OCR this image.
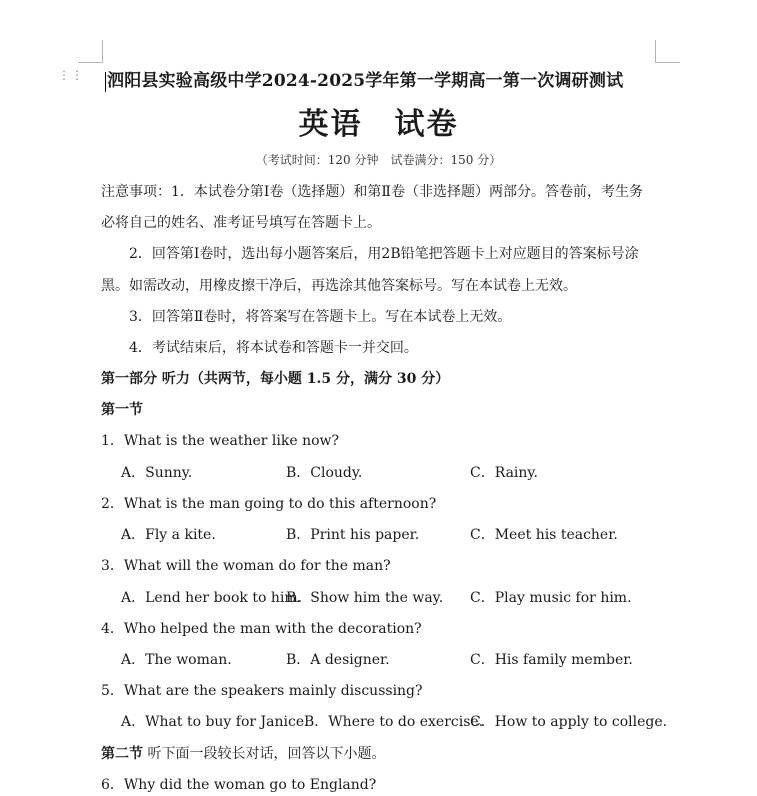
⋮⋮ 泗阳县实验高级中学2024-2025学年第一学期高一第一次调研测试
英语　试卷
（考试时间：120 分钟　试卷满分：150 分）
注意事项：1．本试卷分第Ⅰ卷（选择题）和第Ⅱ卷（非选择题）两部分。答卷前，考生务
必将自己的姓名、准考证号填写在答题卡上。
2．回答第Ⅰ卷时，选出每小题答案后，用2B铅笔把答题卡上对应题目的答案标号涂
黑。如需改动，用橡皮擦干净后，再选涂其他答案标号。写在本试卷上无效。
3．回答第Ⅱ卷时，将答案写在答题卡上。写在本试卷上无效。
4．考试结束后，将本试卷和答题卡一并交回。
第一部分 听力（共两节，每小题 1.5 分，满分 30 分）
第一节
1．What is the weather like now?
A．Sunny.	B．Cloudy.	C．Rainy.
2．What is the man going to do this afternoon?
A．Fly a kite.	B．Print his paper.	C．Meet his teacher.
3．What will the woman do for the man?
A．Lend her book to him.
B．Show him the way. C．Play music for him.
4．Who helped the man with the decoration?
A．The woman.	B．A designer.	C．His family member.
5．What are the speakers mainly discussing?
A．What to buy for Janice.
B．Where to do exercise.
C．How to apply to college.
第二节 听下面一段较长对话，回答以下小题。
6．Why did the woman go to England?
